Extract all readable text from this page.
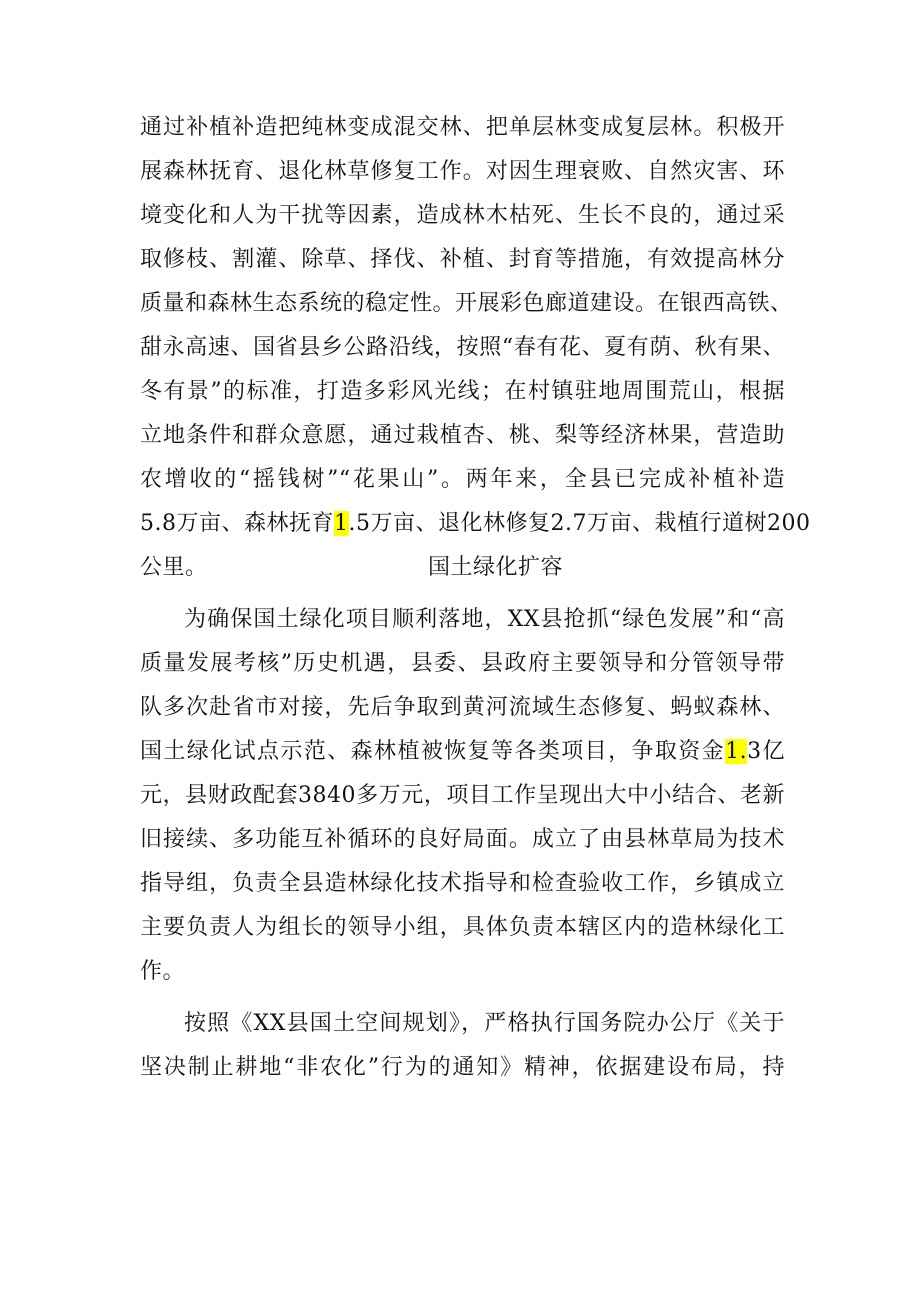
通过补植补造把纯林变成混交林、把单层林变成复层林。积极开
展森林抚育、退化林草修复工作。对因生理衰败、自然灾害、环
境变化和人为干扰等因素，造成林木枯死、生长不良的，通过采
取修枝、割灌、除草、择伐、补植、封育等措施，有效提高林分
质量和森林生态系统的稳定性。开展彩色廊道建设。在银西高铁、
甜永高速、国省县乡公路沿线，按照“春有花、夏有荫、秋有果、
冬有景”的标准，打造多彩风光线；在村镇驻地周围荒山，根据
立地条件和群众意愿，通过栽植杏、桃、梨等经济林果，营造助
农增收的“摇钱树”“花果山”。两年来，全县已完成补植补造
5.8万亩、森林抚育1.5万亩、退化林修复2.7万亩、栽植行道树200
公里。	国土绿化扩容
为确保国土绿化项目顺利落地，XX县抢抓“绿色发展”和“高
质量发展考核”历史机遇，县委、县政府主要领导和分管领导带
队多次赴省市对接，先后争取到黄河流域生态修复、蚂蚁森林、
国土绿化试点示范、森林植被恢复等各类项目，争取资金1.3亿
元，县财政配套3840多万元，项目工作呈现出大中小结合、老新
旧接续、多功能互补循环的良好局面。成立了由县林草局为技术
指导组，负责全县造林绿化技术指导和检查验收工作，乡镇成立
主要负责人为组长的领导小组，具体负责本辖区内的造林绿化工
作。
按照《XX县国土空间规划》，严格执行国务院办公厅《关于
坚决制止耕地“非农化”行为的通知》精神，依据建设布局，持
